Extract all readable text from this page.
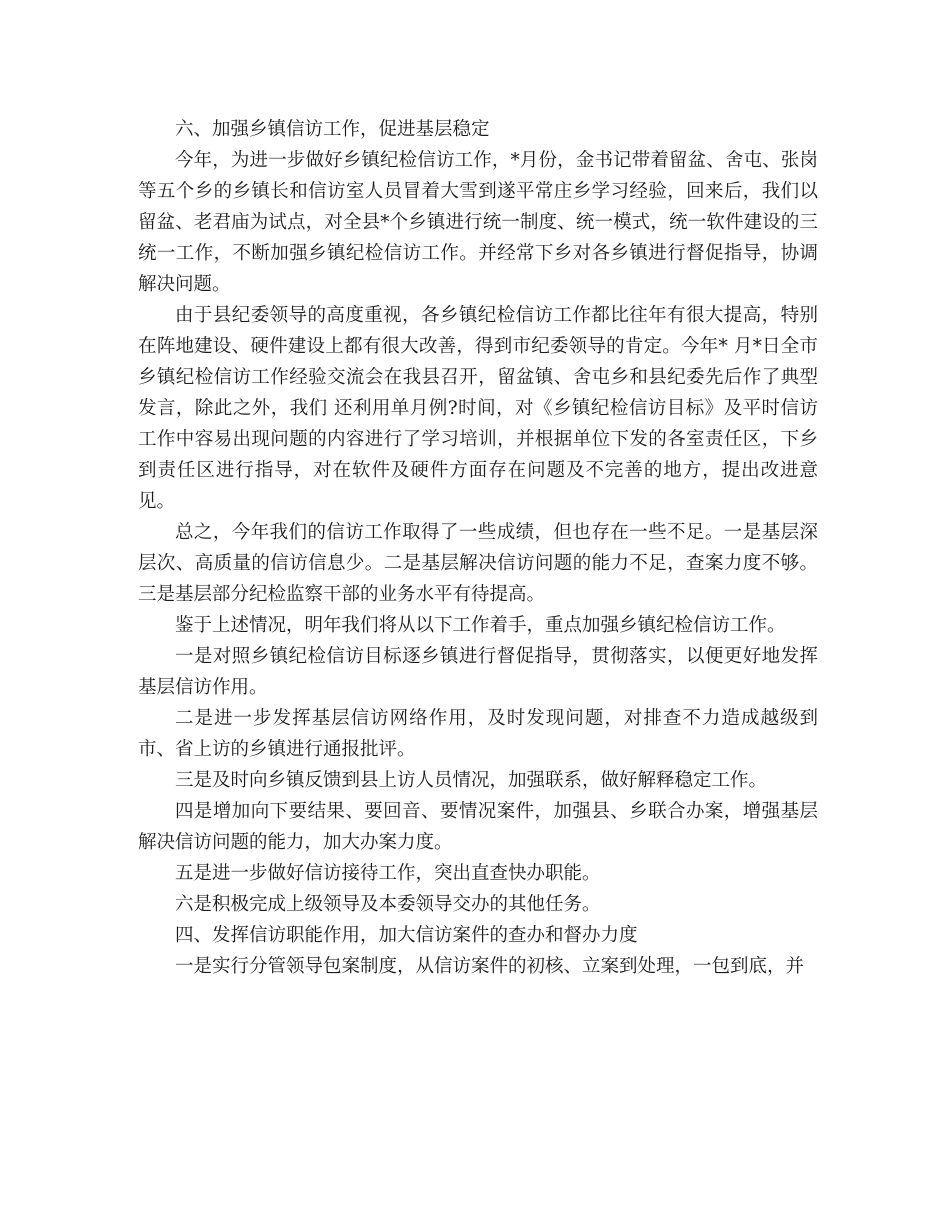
六、加强乡镇信访工作，促进基层稳定

今年，为进一步做好乡镇纪检信访工作，*月份，金书记带着留盆、舍屯、张岗等五个乡的乡镇长和信访室人员冒着大雪到遂平常庄乡学习经验，回来后，我们以留盆、老君庙为试点，对全县*个乡镇进行统一制度、统一模式，统一软件建设的三统一工作，不断加强乡镇纪检信访工作。并经常下乡对各乡镇进行督促指导，协调解决问题。

由于县纪委领导的高度重视，各乡镇纪检信访工作都比往年有很大提高，特别在阵地建设、硬件建设上都有很大改善，得到市纪委领导的肯定。今年* 月*日全市乡镇纪检信访工作经验交流会在我县召开，留盆镇、舍屯乡和县纪委先后作了典型发言，除此之外，我们 还利用单月例?时间，对《乡镇纪检信访目标》及平时信访工作中容易出现问题的内容进行了学习培训，并根据单位下发的各室责任区，下乡到责任区进行指导，对在软件及硬件方面存在问题及不完善的地方，提出改进意见。

总之，今年我们的信访工作取得了一些成绩，但也存在一些不足。一是基层深层次、高质量的信访信息少。二是基层解决信访问题的能力不足，查案力度不够。三是基层部分纪检监察干部的业务水平有待提高。

鉴于上述情况，明年我们将从以下工作着手，重点加强乡镇纪检信访工作。

一是对照乡镇纪检信访目标逐乡镇进行督促指导，贯彻落实，以便更好地发挥基层信访作用。

二是进一步发挥基层信访网络作用，及时发现问题，对排查不力造成越级到市、省上访的乡镇进行通报批评。

三是及时向乡镇反馈到县上访人员情况，加强联系，做好解释稳定工作。

四是增加向下要结果、要回音、要情况案件，加强县、乡联合办案，增强基层解决信访问题的能力，加大办案力度。

五是进一步做好信访接待工作，突出直查快办职能。

六是积极完成上级领导及本委领导交办的其他任务。

四、发挥信访职能作用，加大信访案件的查办和督办力度

一是实行分管领导包案制度，从信访案件的初核、立案到处理，一包到底，并
